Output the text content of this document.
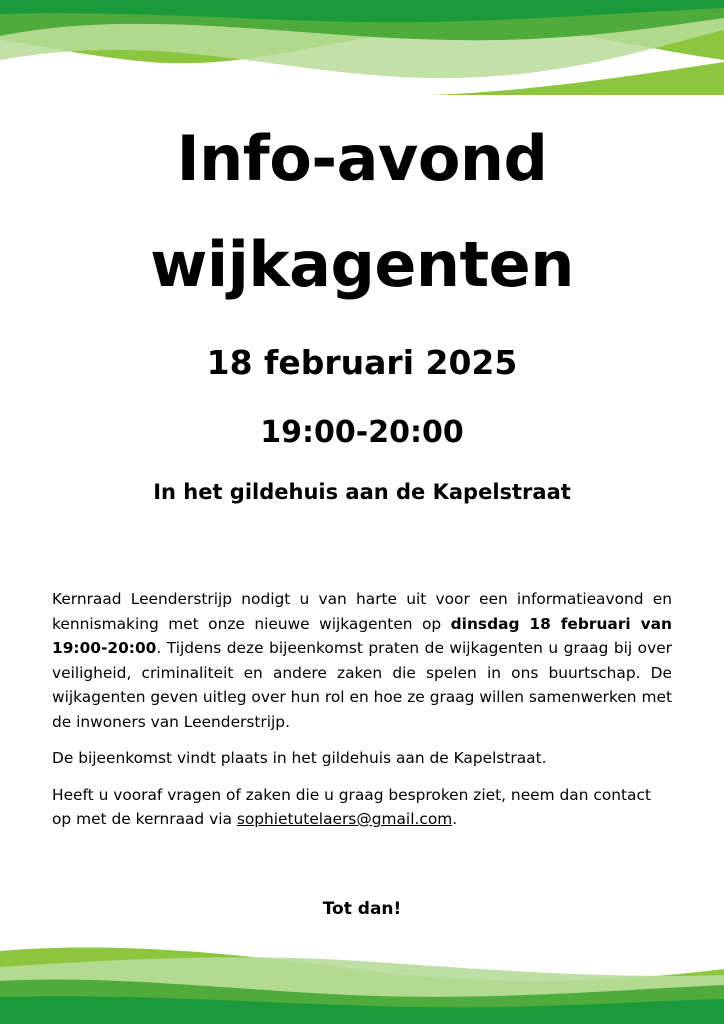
Info-avond
wijkagenten
18 februari 2025
19:00-20:00
In het gildehuis aan de Kapelstraat

Kernraad Leenderstrijp nodigt u van harte uit voor een informatieavond en kennismaking met onze nieuwe wijkagenten op dinsdag 18 februari van 19:00-20:00. Tijdens deze bijeenkomst praten de wijkagenten u graag bij over veiligheid, criminaliteit en andere zaken die spelen in ons buurtschap. De wijkagenten geven uitleg over hun rol en hoe ze graag willen samenwerken met de inwoners van Leenderstrijp.

De bijeenkomst vindt plaats in het gildehuis aan de Kapelstraat.

Heeft u vooraf vragen of zaken die u graag besproken ziet, neem dan contact op met de kernraad via sophietutelaers@gmail.com.

Tot dan!
